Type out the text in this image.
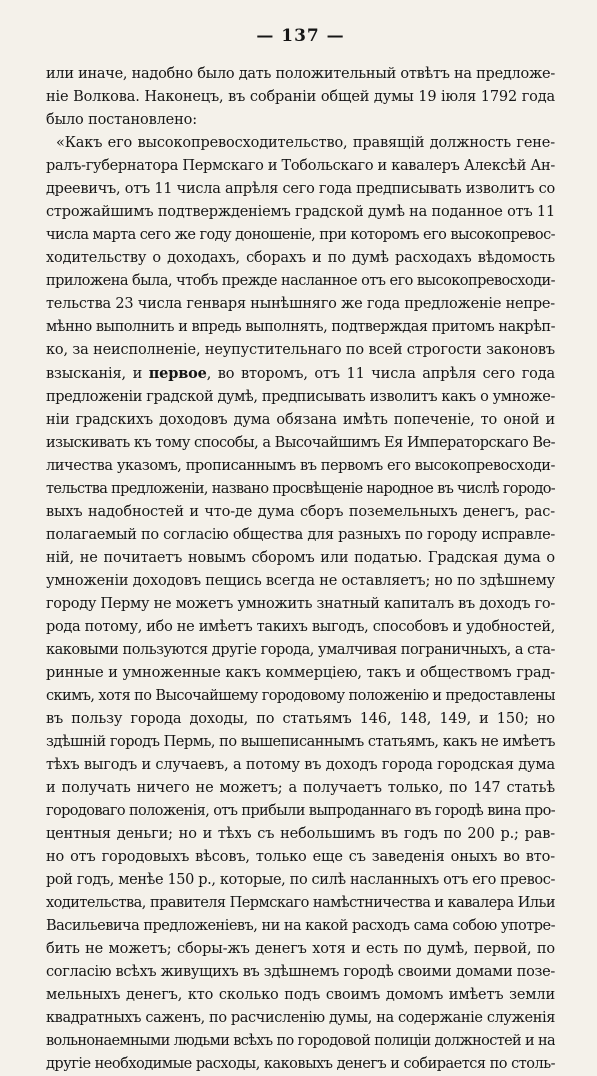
— 137 —
или иначе, надобно было дать положительный отвѣтъ на предложе-
ніе Волкова. Наконецъ, въ собраніи общей думы 19 іюля 1792 года
было постановлено:
«Какъ его высокопревосходительство, правящій должность гене-
ралъ-губернатора Пермскаго и Тобольскаго и кавалеръ Алексѣй Ан-
дреевичъ, отъ 11 числа апрѣля сего года предписывать изволитъ со
строжайшимъ подтвержденіемъ градской думѣ на поданное отъ 11
числа марта сего же году доношеніе, при которомъ его высокопревос-
ходительству о доходахъ, сборахъ и по думѣ расходахъ вѣдомость
приложена была, чтобъ прежде насланное отъ его высокопревосходи-
тельства 23 числа генваря нынѣшняго же года предложеніе непре-
мѣнно выполнить и впредь выполнять, подтверждая притомъ накрѣп-
ко, за неисполненіе, неупустительнаго по всей строгости законовъ
взысканія, и первое, во второмъ, отъ 11 числа апрѣля сего года
предложеніи градской думѣ, предписывать изволитъ какъ о умноже-
ніи градскихъ доходовъ дума обязана имѣть попеченіе, то оной и
изыскивать къ тому способы, а Высочайшимъ Ея Императорскаго Ве-
личества указомъ, прописаннымъ въ первомъ его высокопревосходи-
тельства предложеніи, названо просвѣщеніе народное въ числѣ городо-
выхъ надобностей и что-де дума сборъ поземельныхъ денегъ, рас-
полагаемый по согласію общества для разныхъ по городу исправле-
ній, не почитаетъ новымъ сборомъ или податью. Градская дума о
умноженіи доходовъ пещись всегда не оставляетъ; но по здѣшнему
городу Перму не можетъ умножить знатный капиталъ въ доходъ го-
рода потому, ибо не имѣетъ такихъ выгодъ, способовъ и удобностей,
каковыми пользуются другіе города, умалчивая пограничныхъ, а ста-
ринные и умноженные какъ коммерціею, такъ и обществомъ град-
скимъ, хотя по Высочайшему городовому положенію и предоставлены
въ пользу города доходы, по статьямъ 146, 148, 149, и 150; но
здѣшній городъ Пермь, по вышеписаннымъ статьямъ, какъ не имѣетъ
тѣхъ выгодъ и случаевъ, а потому въ доходъ города городская дума
и получать ничего не можетъ; а получаетъ только, по 147 статьѣ
городоваго положенія, отъ прибыли выпроданнаго въ городѣ вина про-
центныя деньги; но и тѣхъ съ небольшимъ въ годъ по 200 р.; рав-
но отъ городовыхъ вѣсовъ, только еще съ заведенія оныхъ во вто-
рой годъ, менѣе 150 р., которые, по силѣ насланныхъ отъ его превос-
ходительства, правителя Пермскаго намѣстничества и кавалера Ильи
Васильевича предложеніевъ, ни на какой расходъ сама собою употре-
бить не можетъ; сборы-жъ денегъ хотя и есть по думѣ, первой, по
согласію всѣхъ живущихъ въ здѣшнемъ городѣ своими домами позе-
мельныхъ денегъ, кто сколько подъ своимъ домомъ имѣетъ земли
квадратныхъ саженъ, по расчисленію думы, на содержаніе служенія
вольнонаемными людьми всѣхъ по городовой полиціи должностей и на
другіе необходимые расходы, каковыхъ денегъ и собирается по столь-
